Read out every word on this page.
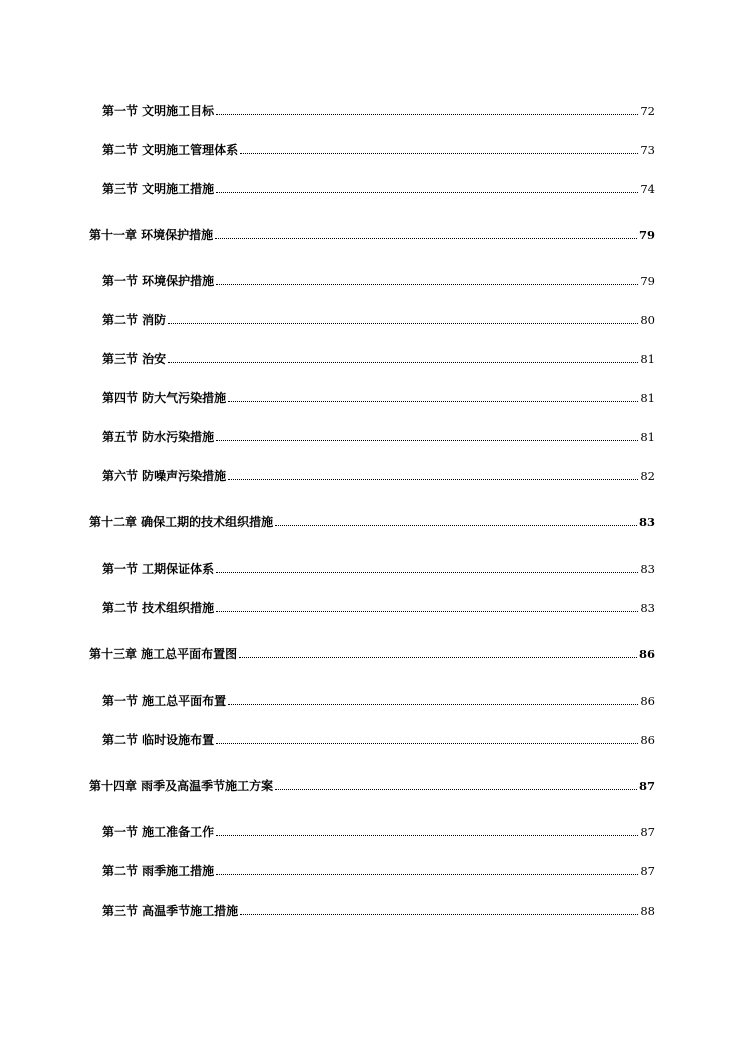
第一节 文明施工目标	72
第二节 文明施工管理体系	73
第三节 文明施工措施	74
第十一章 环境保护措施	79
第一节 环境保护措施	79
第二节 消防	80
第三节 治安	81
第四节 防大气污染措施	81
第五节 防水污染措施	81
第六节 防噪声污染措施	82
第十二章 确保工期的技术组织措施	83
第一节 工期保证体系	83
第二节 技术组织措施	83
第十三章 施工总平面布置图	86
第一节 施工总平面布置	86
第二节 临时设施布置	86
第十四章 雨季及高温季节施工方案	87
第一节 施工准备工作	87
第二节 雨季施工措施	87
第三节 高温季节施工措施	88
